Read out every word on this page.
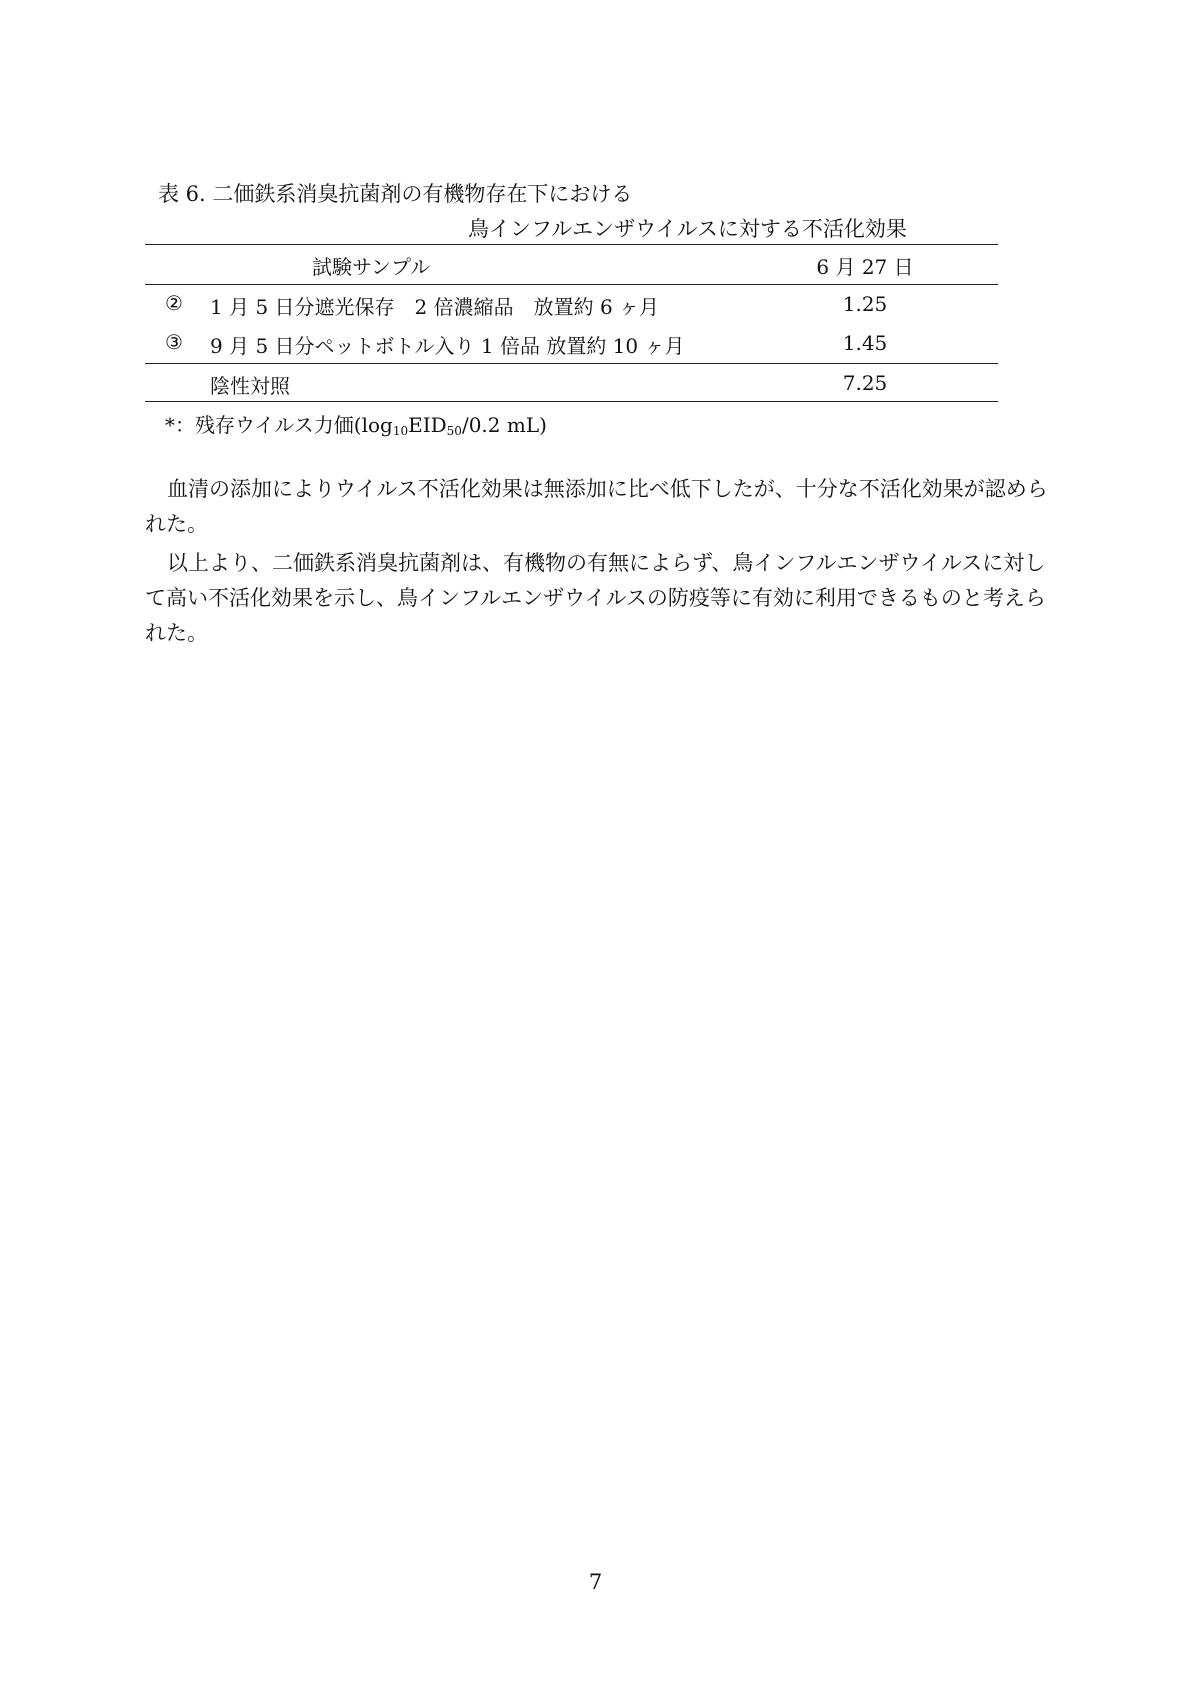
表 6. 二価鉄系消臭抗菌剤の有機物存在下における
鳥インフルエンザウイルスに対する不活化効果
試験サンプル	6 月 27 日
② 1 月 5 日分遮光保存　2 倍濃縮品　放置約 6 ヶ月	1.25
③ 9 月 5 日分ペットボトル入り 1 倍品 放置約 10 ヶ月	1.45
陰性対照	7.25
*：残存ウイルス力価($\log_{10}EID_{50}/0.2$ mL)

血清の添加によりウイルス不活化効果は無添加に比べ低下したが、十分な不活化効果が認められた。

以上より、二価鉄系消臭抗菌剤は、有機物の有無によらず、鳥インフルエンザウイルスに対して高い不活化効果を示し、鳥インフルエンザウイルスの防疫等に有効に利用できるものと考えられた。

7
